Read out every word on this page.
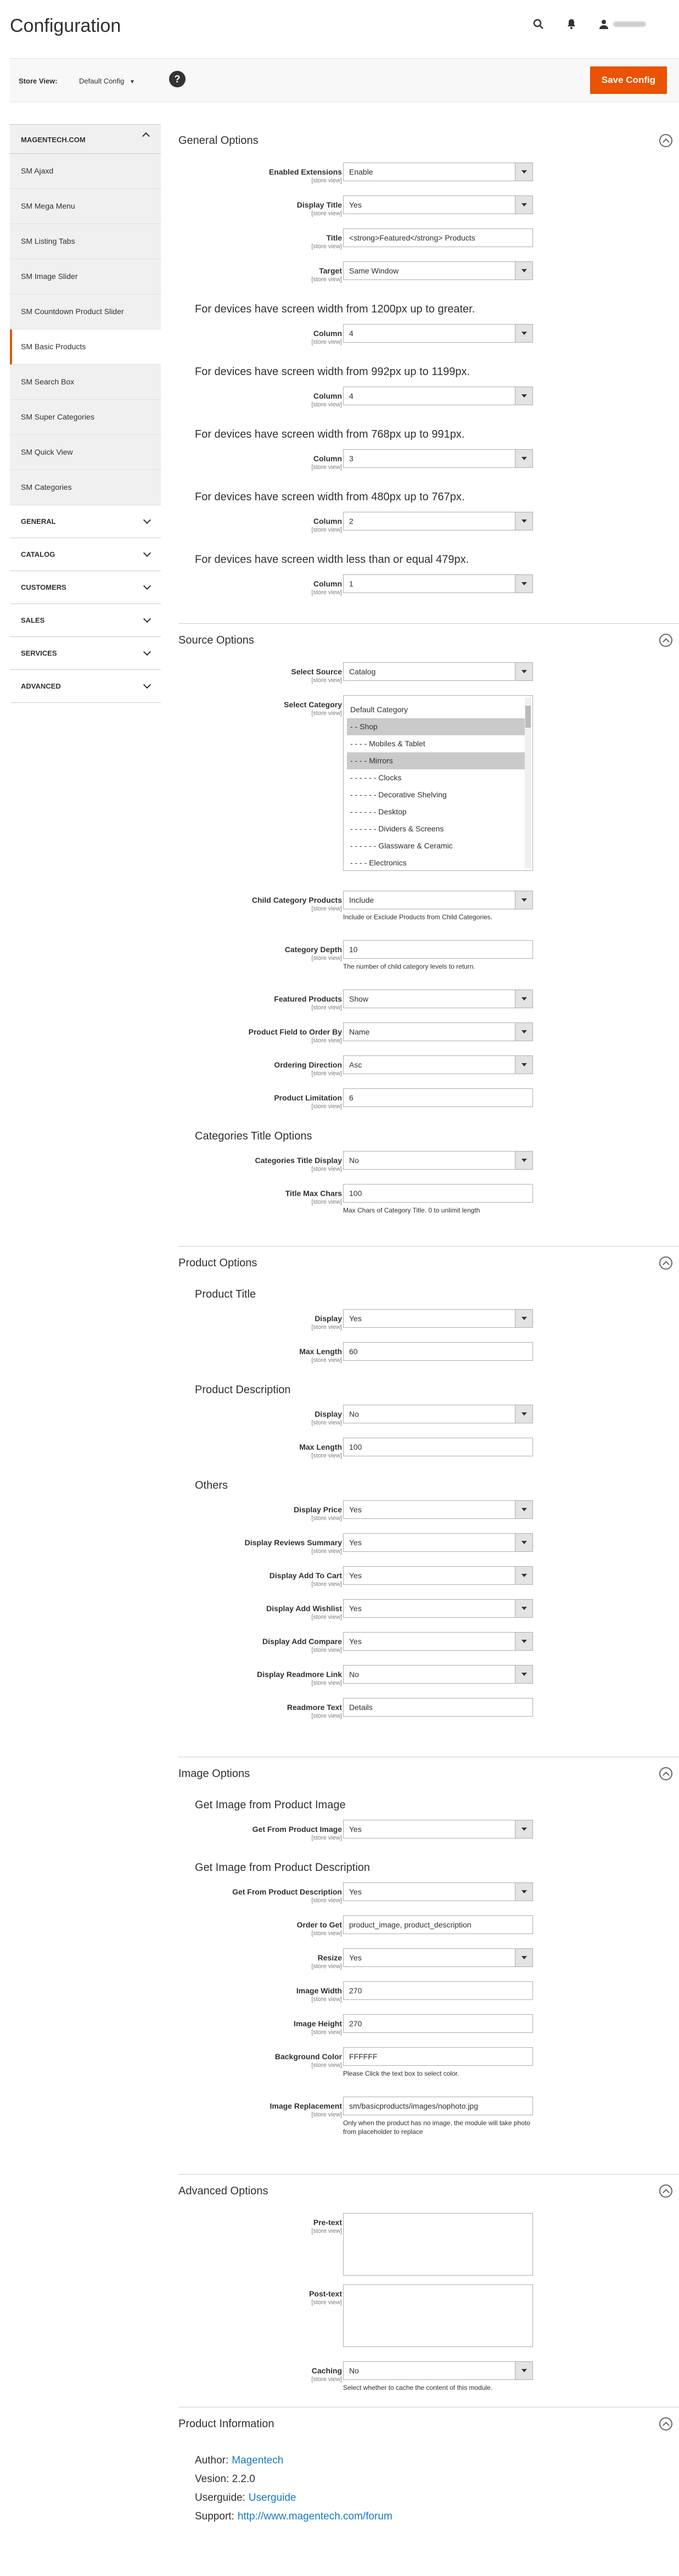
Configuration
Store View:	Default Config ▼	?	Save Config
MAGENTECH.COM
SM Ajaxd
SM Mega Menu
SM Listing Tabs
SM Image Slider
SM Countdown Product Slider
SM Basic Products
SM Search Box
SM Super Categories
SM Quick View
SM Categories
GENERAL
CATALOG
CUSTOMERS
SALES
SERVICES
ADVANCED
General Options
Enabled Extensions
[store view]
Enable
Display Title
[store view]
Yes
Title
[store view]
<strong>Featured</strong> Products
Target
[store view]
Same Window
For devices have screen width from 1200px up to greater.
Column
[store view]
4
For devices have screen width from 992px up to 1199px.
Column
[store view]
4
For devices have screen width from 768px up to 991px.
Column
[store view]
3
For devices have screen width from 480px up to 767px.
Column
[store view]
2
For devices have screen width less than or equal 479px.
Column
[store view]
1
Source Options
Select Source
[store view]
Catalog
Select Category
[store view]	Default Category
- - Shop
- - - - Mobiles & Tablet
- - - - Mirrors
- - - - - - Clocks
- - - - - - Decorative Shelving
- - - - - - Desktop
- - - - - - Dividers & Screens
- - - - - - Glassware & Ceramic
- - - - Electronics
Child Category Products
[store view]
Include
Include or Exclude Products from Child Categories.
Category Depth
[store view]
10
The number of child category levels to return.
Featured Products
[store view]
Show
Product Field to Order By
[store view]
Name
Ordering Direction
[store view]
Asc
Product Limitation
[store view]
6
Categories Title Options
Categories Title Display
[store view]
No
Title Max Chars
[store view]
100
Max Chars of Category Title. 0 to unlimit length
Product Options
Product Title
Display
[store view]
Yes
Max Length
[store view]
60
Product Description
Display
[store view]
No
Max Length
[store view]
100
Others
Display Price
[store view]
Yes
Display Reviews Summary
[store view]
Yes
Display Add To Cart
[store view]
Yes
Display Add Wishlist
[store view]
Yes
Display Add Compare
[store view]
Yes
Display Readmore Link
[store view]
No
Readmore Text
[store view]
Details
Image Options
Get Image from Product Image
Get From Product Image
[store view]
Yes
Get Image from Product Description
Get From Product Description
[store view]
Yes
Order to Get
[store view]
product_image, product_description
Resize
[store view]
Yes
Image Width
[store view]
270
Image Height
[store view]
270
Background Color
[store view]
FFFFFF
Please Click the text box to select color.
Image Replacement
[store view]
sm/basicproducts/images/nophoto.jpg
Only when the product has no image, the module will take photo from placeholder to replace
Advanced Options
Pre-text
[store view]
Post-text
[store view]
Caching
[store view]
No
Select whether to cache the content of this module.
Product Information
Author: Magentech
Vesion: 2.2.0
Userguide: Userguide
Support: http://www.magentech.com/forum
